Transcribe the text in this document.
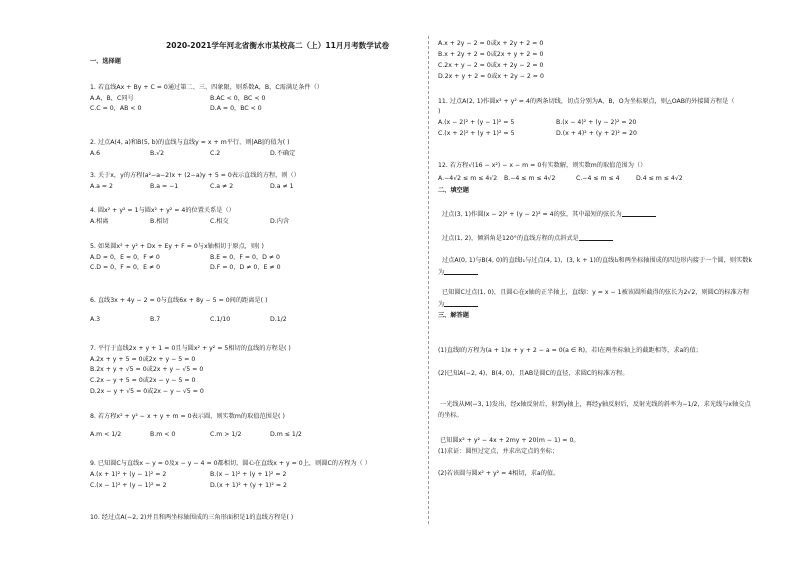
2020-2021学年河北省衡水市某校高二（上）11月月考数学试卷
一、选择题
1. 若直线Ax + By + C = 0通过第二、三、四象限，则系数A，B，C需满足条件（）
A.A，B，C同号	B.AC < 0，BC < 0
C.C = 0，AB < 0	D.A = 0，BC < 0
2. 过点A(4, a)和B(5, b)的直线与直线y = x + m平行，则|AB|的值为( )
A.6	B.√2	C.2	D.不确定
3. 关于x，y的方程(a²−a−2)x + (2−a)y + 5 = 0表示直线的方程，则（）
A.a = 2	B.a = −1	C.a ≠ 2	D.a ≠ 1
4. 圆x² + y² = 1与圆x² + y² = 4的位置关系是（）
A.相离	B.相切	C.相交	D.内含
5. 如果圆x² + y² + Dx + Ey + F = 0与x轴相切于原点，则( )
A.D = 0，E = 0，F ≠ 0	B.E = 0，F = 0，D ≠ 0
C.D = 0，F = 0，E ≠ 0	D.F = 0，D ≠ 0，E ≠ 0
6. 直线3x + 4y − 2 = 0与直线6x + 8y − 5 = 0间的距离是( )
A.3	B.7	C.1/10	D.1/2
7. 平行于直线2x + y + 1 = 0且与圆x² + y² = 5相切的直线的方程是( )
A.2x + y + 5 = 0或2x + y − 5 = 0
B.2x + y + √5 = 0或2x + y − √5 = 0
C.2x − y + 5 = 0或2x − y − 5 = 0
D.2x − y + √5 = 0或2x − y − √5 = 0
8. 若方程x² + y² − x + y + m = 0表示圆，则实数m的取值范围是( )
A.m < 1/2	B.m < 0	C.m > 1/2	D.m ≤ 1/2
9. 已知圆C与直线x − y = 0及x − y − 4 = 0都相切，圆心在直线x + y = 0上，则圆C的方程为（ ）
A.(x + 1)² + (y − 1)² = 2	B.(x − 1)² + (y + 1)² = 2
C.(x − 1)² + (y − 1)² = 2	D.(x + 1)² + (y + 1)² = 2
10. 经过点A(−2, 2)并且和两坐标轴围成的三角形面积是1的直线方程是( )
A.x + 2y − 2 = 0或x + 2y + 2 = 0
B.x + 2y + 2 = 0或2x + y + 2 = 0
C.2x + y − 2 = 0或x + 2y − 2 = 0
D.2x + y + 2 = 0或x + 2y − 2 = 0
11. 过点A(2, 1)作圆x² + y² = 4的两条切线，切点分别为A，B，O为坐标原点，则△OAB的外接圆方程是（
)
A.(x − 2)² + (y − 1)² = 5	B.(x − 4)² + (y − 2)² = 20
C.(x + 2)² + (y + 1)² = 5	D.(x + 4)² + (y + 2)² = 20
12. 若方程√(16 − x²) − x − m = 0有实数解，则实数m的取值范围为（）
A.−4√2 ≤ m ≤ 4√2 B.−4 ≤ m ≤ 4√2	C.−4 ≤ m ≤ 4	D.4 ≤ m ≤ 4√2
二、填空题
过点(3, 1)作圆(x − 2)² + (y − 2)² = 4的弦，其中最短的弦长为
过点(1, 2)，倾斜角是120°的直线方程的点斜式是
过点A(0, 1)与B(4, 0)的直线l₁与过点(4, 1)，(3, k + 1)的直线l₂和两坐标轴围成的四边形内接于一个圆，则实数k
为
已知圆C过点(1, 0)，且圆心在x轴的正半轴上，直线l：y = x − 1被该圆所截得的弦长为2√2，则圆C的标准方程
为
三、解答题
(1)直线l的方程为(a + 1)x + y + 2 − a = 0(a ∈ R)，若l在两坐标轴上的截距相等，求a的值；
(2)已知A(−2, 4)，B(4, 0)，且AB是圆C的直径，求圆C的标准方程。
一光线从M(−3, 1)发出，经x轴反射后，射到y轴上，再经y轴反射后，反射光线的斜率为−1/2，求光线与x轴交点
的坐标。
已知圆x² + y² − 4x + 2my + 20(m − 1) = 0。
(1)求证：圆恒过定点，并求出定点的坐标；
(2)若该圆与圆x² + y² = 4相切，求a的值。
